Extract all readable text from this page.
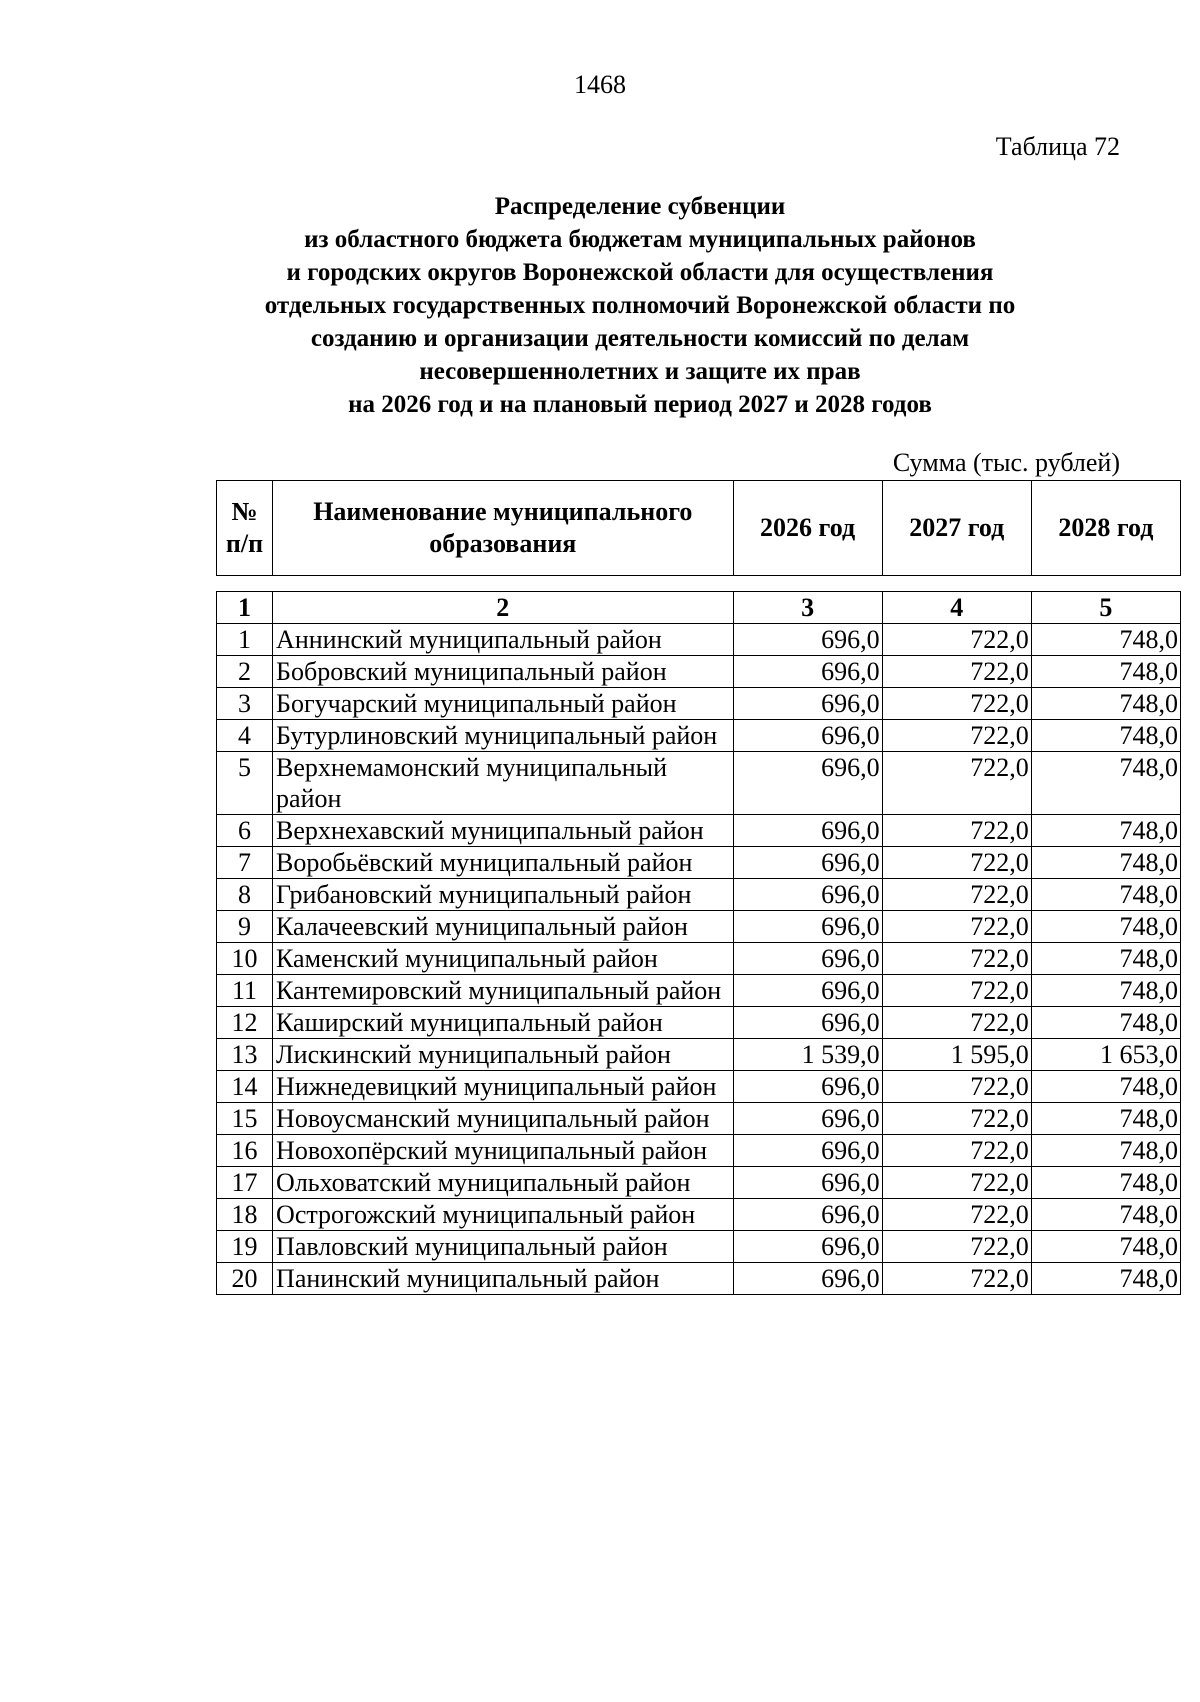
1468
Таблица 72
Распределение субвенции
из областного бюджета бюджетам муниципальных районов
и городских округов Воронежской области для осуществления
отдельных государственных полномочий Воронежской области по
созданию и организации деятельности комиссий по делам
несовершеннолетних и защите их прав
на 2026 год и на плановый период 2027 и 2028 годов
Сумма (тыс. рублей)
№ п/п	Наименование муниципального образования	2026 год	2027 год	2028 год
1	2	3	4	5
1	Аннинский муниципальный район	696,0	722,0	748,0
2	Бобровский муниципальный район	696,0	722,0	748,0
3	Богучарский муниципальный район	696,0	722,0	748,0
4	Бутурлиновский муниципальный район	696,0	722,0	748,0
5	Верхнемамонский муниципальный район	696,0	722,0	748,0
6	Верхнехавский муниципальный район	696,0	722,0	748,0
7	Воробьёвский муниципальный район	696,0	722,0	748,0
8	Грибановский муниципальный район	696,0	722,0	748,0
9	Калачеевский муниципальный район	696,0	722,0	748,0
10	Каменский муниципальный район	696,0	722,0	748,0
11	Кантемировский муниципальный район	696,0	722,0	748,0
12	Каширский муниципальный район	696,0	722,0	748,0
13	Лискинский муниципальный район	1 539,0	1 595,0	1 653,0
14	Нижнедевицкий муниципальный район	696,0	722,0	748,0
15	Новоусманский муниципальный район	696,0	722,0	748,0
16	Новохопёрский муниципальный район	696,0	722,0	748,0
17	Ольховатский муниципальный район	696,0	722,0	748,0
18	Острогожский муниципальный район	696,0	722,0	748,0
19	Павловский муниципальный район	696,0	722,0	748,0
20	Панинский муниципальный район	696,0	722,0	748,0
